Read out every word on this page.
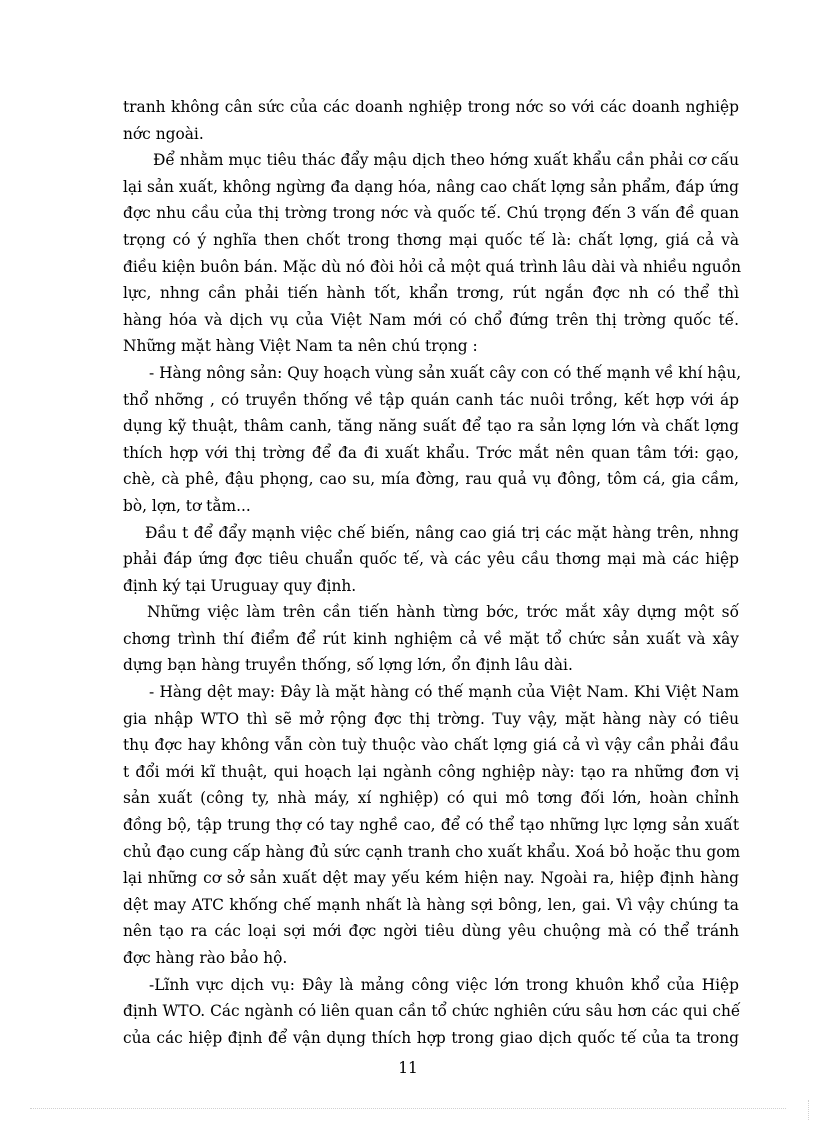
tranh không cân sức của các doanh nghiệp trong nớc so với các doanh nghiệp
nớc ngoài.
Để nhằm mục tiêu thác đẩy mậu dịch theo hớng xuất khẩu cần phải cơ cấu
lại sản xuất, không ngừng đa dạng hóa, nâng cao chất lợng sản phẩm, đáp ứng
đợc nhu cầu của thị trờng trong nớc và quốc tế. Chú trọng đến 3 vấn đề quan
trọng có ý nghĩa then chốt trong thơng mại quốc tế là: chất lợng, giá cả và
điều kiện buôn bán. Mặc dù nó đòi hỏi cả một quá trình lâu dài và nhiều nguồn
lực, nhng cần phải tiến hành tốt, khẩn trơng, rút ngắn đợc nh có thể thì
hàng hóa và dịch vụ của Việt Nam mới có chổ đứng trên thị trờng quốc tế.
Những mặt hàng Việt Nam ta nên chú trọng :
- Hàng nông sản: Quy hoạch vùng sản xuất cây con có thế mạnh về khí hậu,
thổ nhỡng , có truyền thống về tập quán canh tác nuôi trồng, kết hợp với áp
dụng kỹ thuật, thâm canh, tăng năng suất để tạo ra sản lợng lớn và chất lợng
thích hợp với thị trờng để đa đi xuất khẩu. Trớc mắt nên quan tâm tới: gạo,
chè, cà phê, đậu phọng, cao su, mía đờng, rau quả vụ đông, tôm cá, gia cầm,
bò, lợn, tơ tằm...
Đầu t để đẩy mạnh việc chế biến, nâng cao giá trị các mặt hàng trên, nhng
phải đáp ứng đợc tiêu chuẩn quốc tế, và các yêu cầu thơng mại mà các hiệp
định ký tại Uruguay quy định.
Những việc làm trên cần tiến hành từng bớc, trớc mắt xây dựng một số
chơng trình thí điểm để rút kinh nghiệm cả về mặt tổ chức sản xuất và xây
dựng bạn hàng truyền thống, số lợng lớn, ổn định lâu dài.
- Hàng dệt may: Đây là mặt hàng có thế mạnh của Việt Nam. Khi Việt Nam
gia nhập WTO thì sẽ mở rộng đợc thị trờng. Tuy vậy, mặt hàng này có tiêu
thụ đợc hay không vẫn còn tuỳ thuộc vào chất lợng giá cả vì vậy cần phải đầu
t đổi mới kĩ thuật, qui hoạch lại ngành công nghiệp này: tạo ra những đơn vị
sản xuất (công ty, nhà máy, xí nghiệp) có qui mô tơng đối lớn, hoàn chỉnh
đồng bộ, tập trung thợ có tay nghề cao, để có thể tạo những lực lợng sản xuất
chủ đạo cung cấp hàng đủ sức cạnh tranh cho xuất khẩu. Xoá bỏ hoặc thu gom
lại những cơ sở sản xuất dệt may yếu kém hiện nay. Ngoài ra, hiệp định hàng
dệt may ATC khống chế mạnh nhất là hàng sợi bông, len, gai. Vì vậy chúng ta
nên tạo ra các loại sợi mới đợc ngời tiêu dùng yêu chuộng mà có thể tránh
đợc hàng rào bảo hộ.
-Lĩnh vực dịch vụ: Đây là mảng công việc lớn trong khuôn khổ của Hiệp
định WTO. Các ngành có liên quan cần tổ chức nghiên cứu sâu hơn các qui chế
của các hiệp định để vận dụng thích hợp trong giao dịch quốc tế của ta trong
11
